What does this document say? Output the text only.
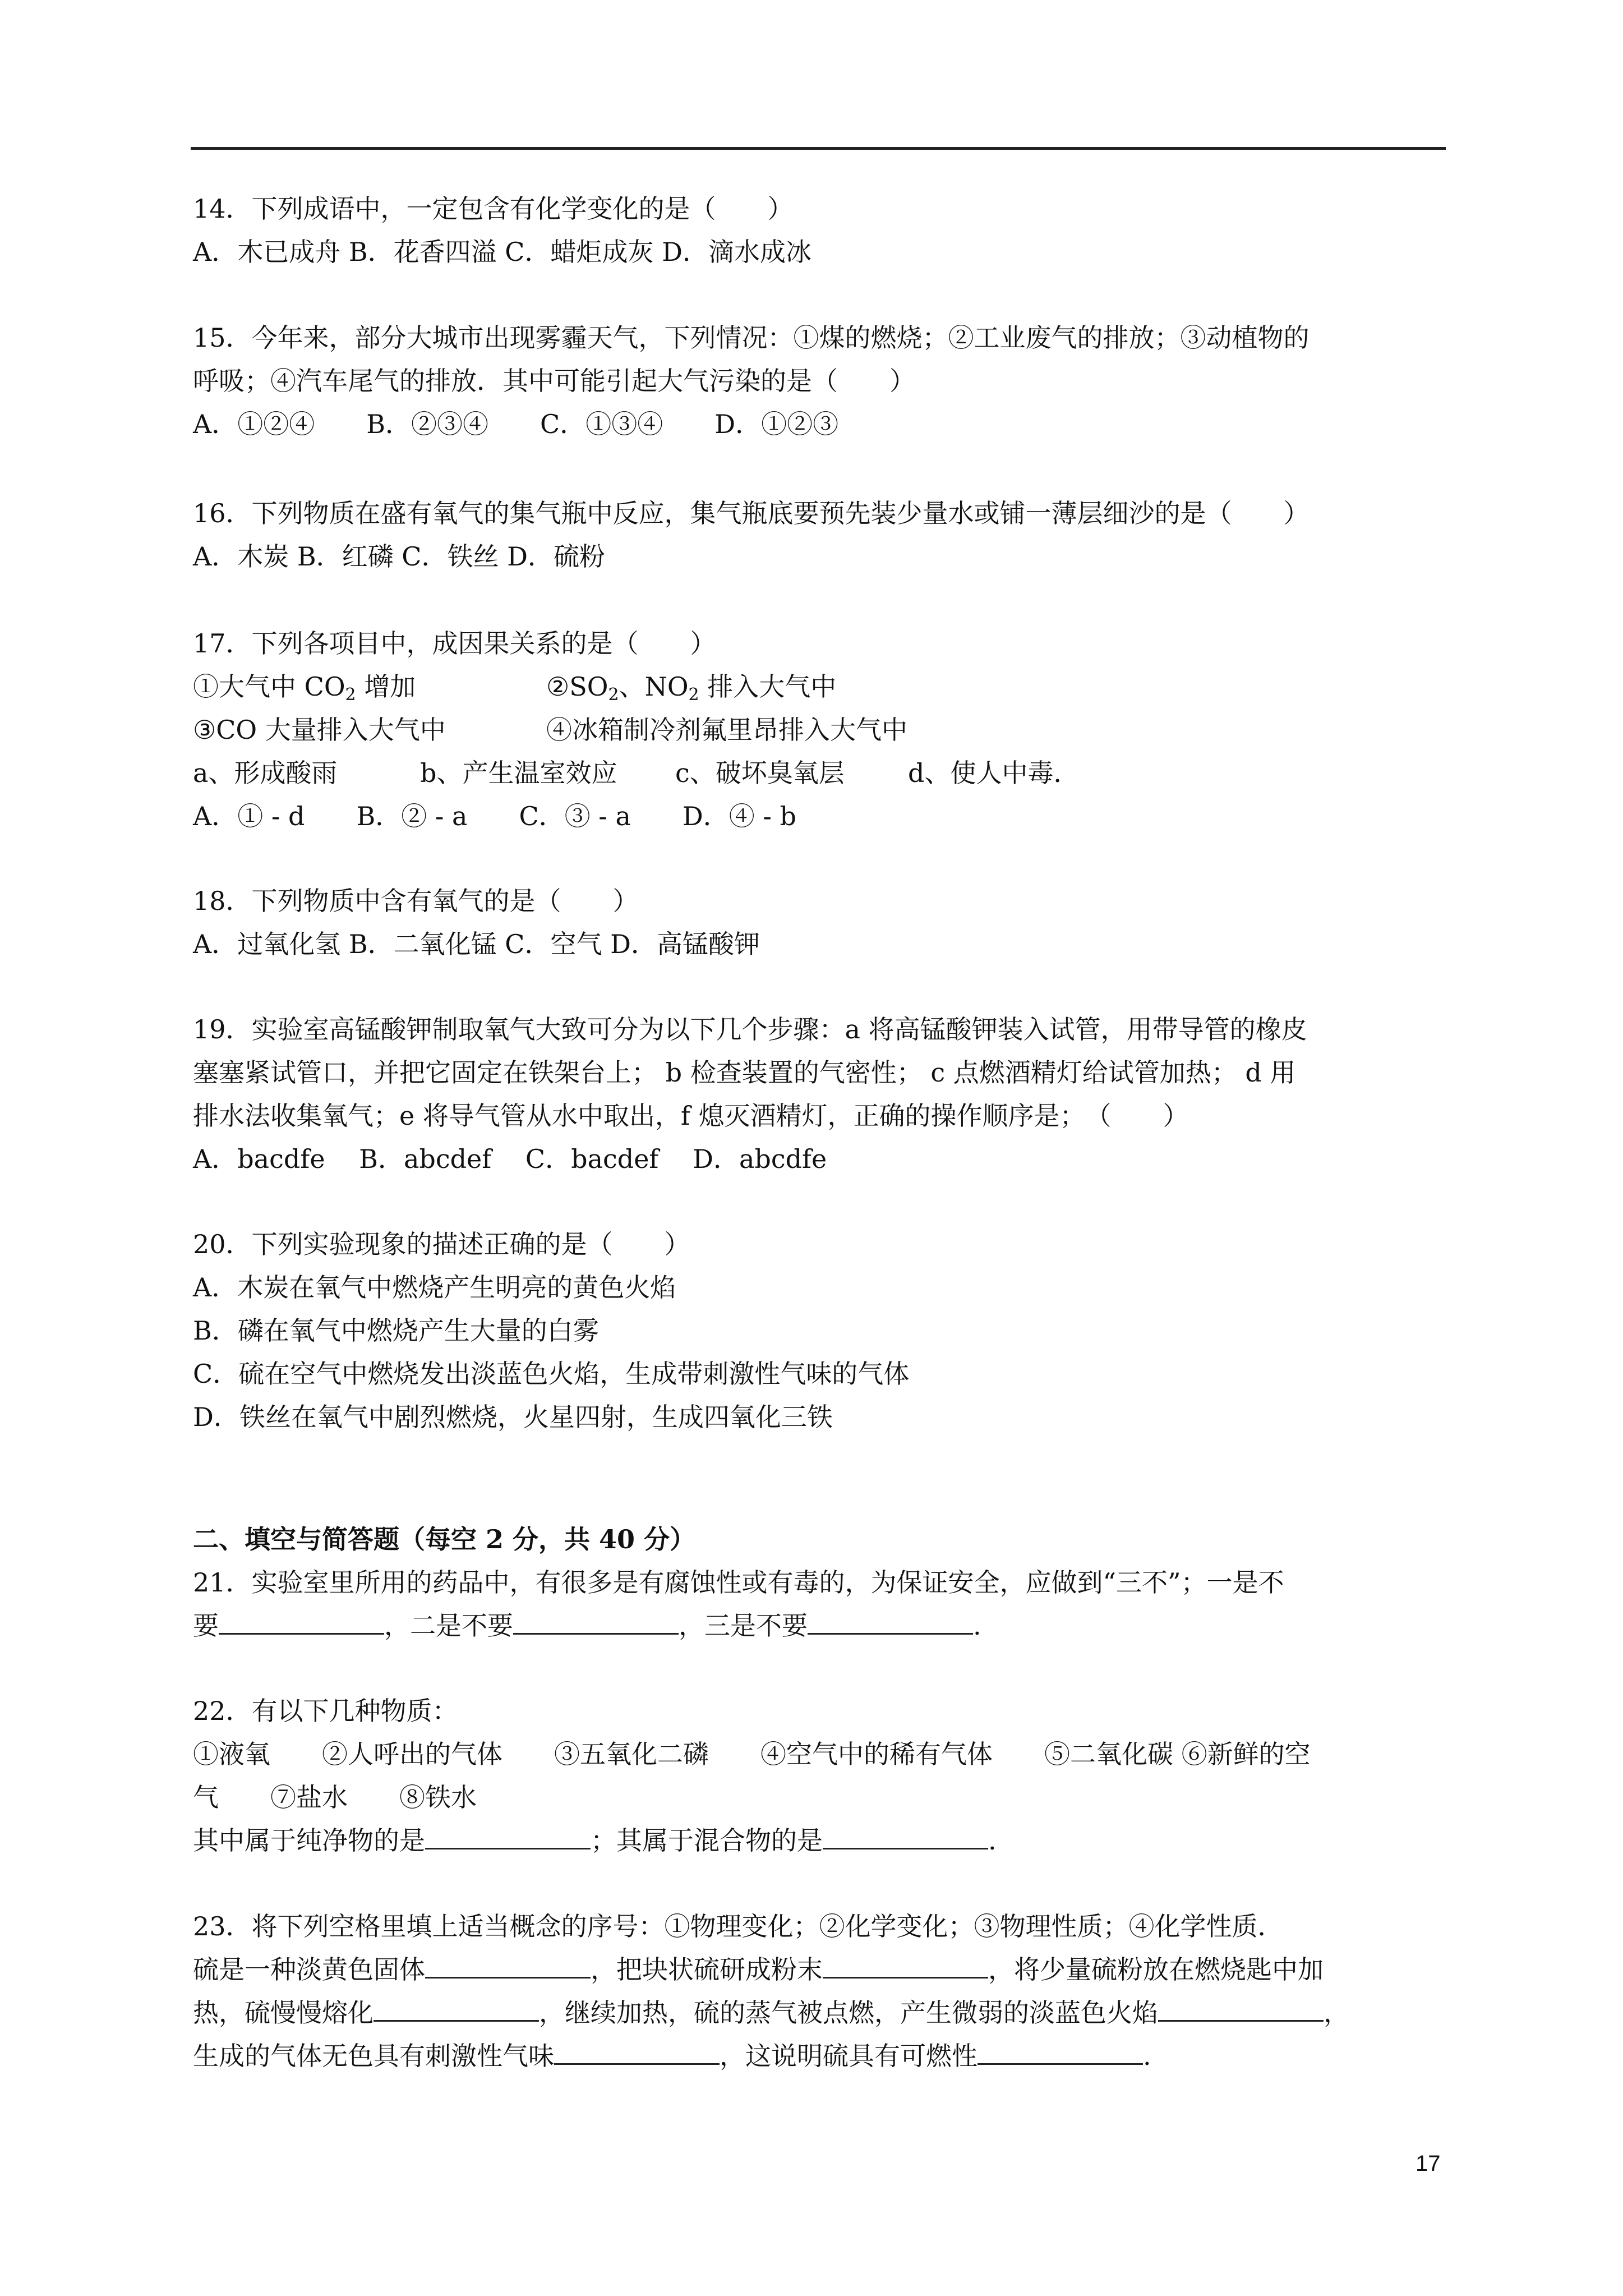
14．下列成语中，一定包含有化学变化的是（　　）
A．木已成舟 B．花香四溢 C．蜡炬成灰 D．滴水成冰
15．今年来，部分大城市出现雾霾天气，下列情况：①煤的燃烧；②工业废气的排放；③动植物的
呼吸；④汽车尾气的排放．其中可能引起大气污染的是（　　）
A．①②④　　B．②③④　　C．①③④　　D．①②③
16．下列物质在盛有氧气的集气瓶中反应，集气瓶底要预先装少量水或铺一薄层细沙的是（　　）
A．木炭 B．红磷 C．铁丝 D．硫粉
17．下列各项目中，成因果关系的是（　　）
①大气中 $CO_2$ 增加	$②SO_2$、$NO_2$ 排入大气中
③CO 大量排入大气中	④冰箱制冷剂氟里昂排入大气中
a、形成酸雨	b、产生温室效应 c、破坏臭氧层 d、使人中毒．
A．① - d　　B．② - a　　C．③ - a　　D．④ - b
18．下列物质中含有氧气的是（　　）
A．过氧化氢 B．二氧化锰 C．空气 D．高锰酸钾
19．实验室高锰酸钾制取氧气大致可分为以下几个步骤：a 将高锰酸钾装入试管，用带导管的橡皮
塞塞紧试管口，并把它固定在铁架台上； b 检查装置的气密性； c 点燃酒精灯给试管加热； d 用
排水法收集氧气；e 将导气管从水中取出，f 熄灭酒精灯，正确的操作顺序是；　（　　）
A．bacdfe　 B．abcdef　 C．bacdef　 D．abcdfe
20．下列实验现象的描述正确的是（　　）
A．木炭在氧气中燃烧产生明亮的黄色火焰
B．磷在氧气中燃烧产生大量的白雾
C．硫在空气中燃烧发出淡蓝色火焰，生成带刺激性气味的气体
D．铁丝在氧气中剧烈燃烧，火星四射，生成四氧化三铁
二、填空与简答题（每空 2 分，共 40 分）
21．实验室里所用的药品中，有很多是有腐蚀性或有毒的，为保证安全，应做到“三不”；一是不
要	，二是不要	，三是不要	.
22．有以下几种物质：
①液氧　　②人呼出的气体　　③五氧化二磷　　④空气中的稀有气体　　⑤二氧化碳 ⑥新鲜的空
气　　⑦盐水　　⑧铁水
其中属于纯净物的是	；其属于混合物的是	.
23．将下列空格里填上适当概念的序号：①物理变化；②化学变化；③物理性质；④化学性质．
硫是一种淡黄色固体	，把块状硫研成粉末	，将少量硫粉放在燃烧匙中加
热，硫慢慢熔化	，继续加热，硫的蒸气被点燃，产生微弱的淡蓝色火焰	，
生成的气体无色具有刺激性气味	，这说明硫具有可燃性	.
17
